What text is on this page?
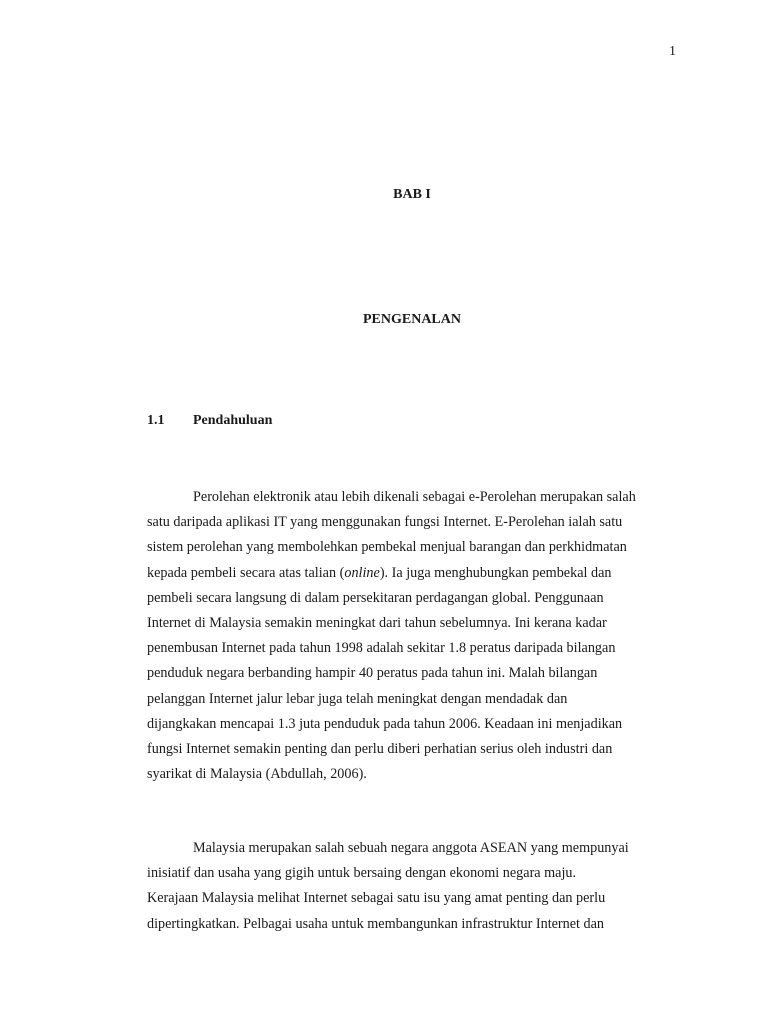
1
BAB I
PENGENALAN
1.1 Pendahuluan
Perolehan elektronik atau lebih dikenali sebagai e-Perolehan merupakan salah
satu daripada aplikasi IT yang menggunakan fungsi Internet. E-Perolehan ialah satu
sistem perolehan yang membolehkan pembekal menjual barangan dan perkhidmatan
kepada pembeli secara atas talian (online). Ia juga menghubungkan pembekal dan
pembeli secara langsung di dalam persekitaran perdagangan global. Penggunaan
Internet di Malaysia semakin meningkat dari tahun sebelumnya. Ini kerana kadar
penembusan Internet pada tahun 1998 adalah sekitar 1.8 peratus daripada bilangan
penduduk negara berbanding hampir 40 peratus pada tahun ini. Malah bilangan
pelanggan Internet jalur lebar juga telah meningkat dengan mendadak dan
dijangkakan mencapai 1.3 juta penduduk pada tahun 2006. Keadaan ini menjadikan
fungsi Internet semakin penting dan perlu diberi perhatian serius oleh industri dan
syarikat di Malaysia (Abdullah, 2006).
Malaysia merupakan salah sebuah negara anggota ASEAN yang mempunyai
inisiatif dan usaha yang gigih untuk bersaing dengan ekonomi negara maju.
Kerajaan Malaysia melihat Internet sebagai satu isu yang amat penting dan perlu
dipertingkatkan. Pelbagai usaha untuk membangunkan infrastruktur Internet dan
